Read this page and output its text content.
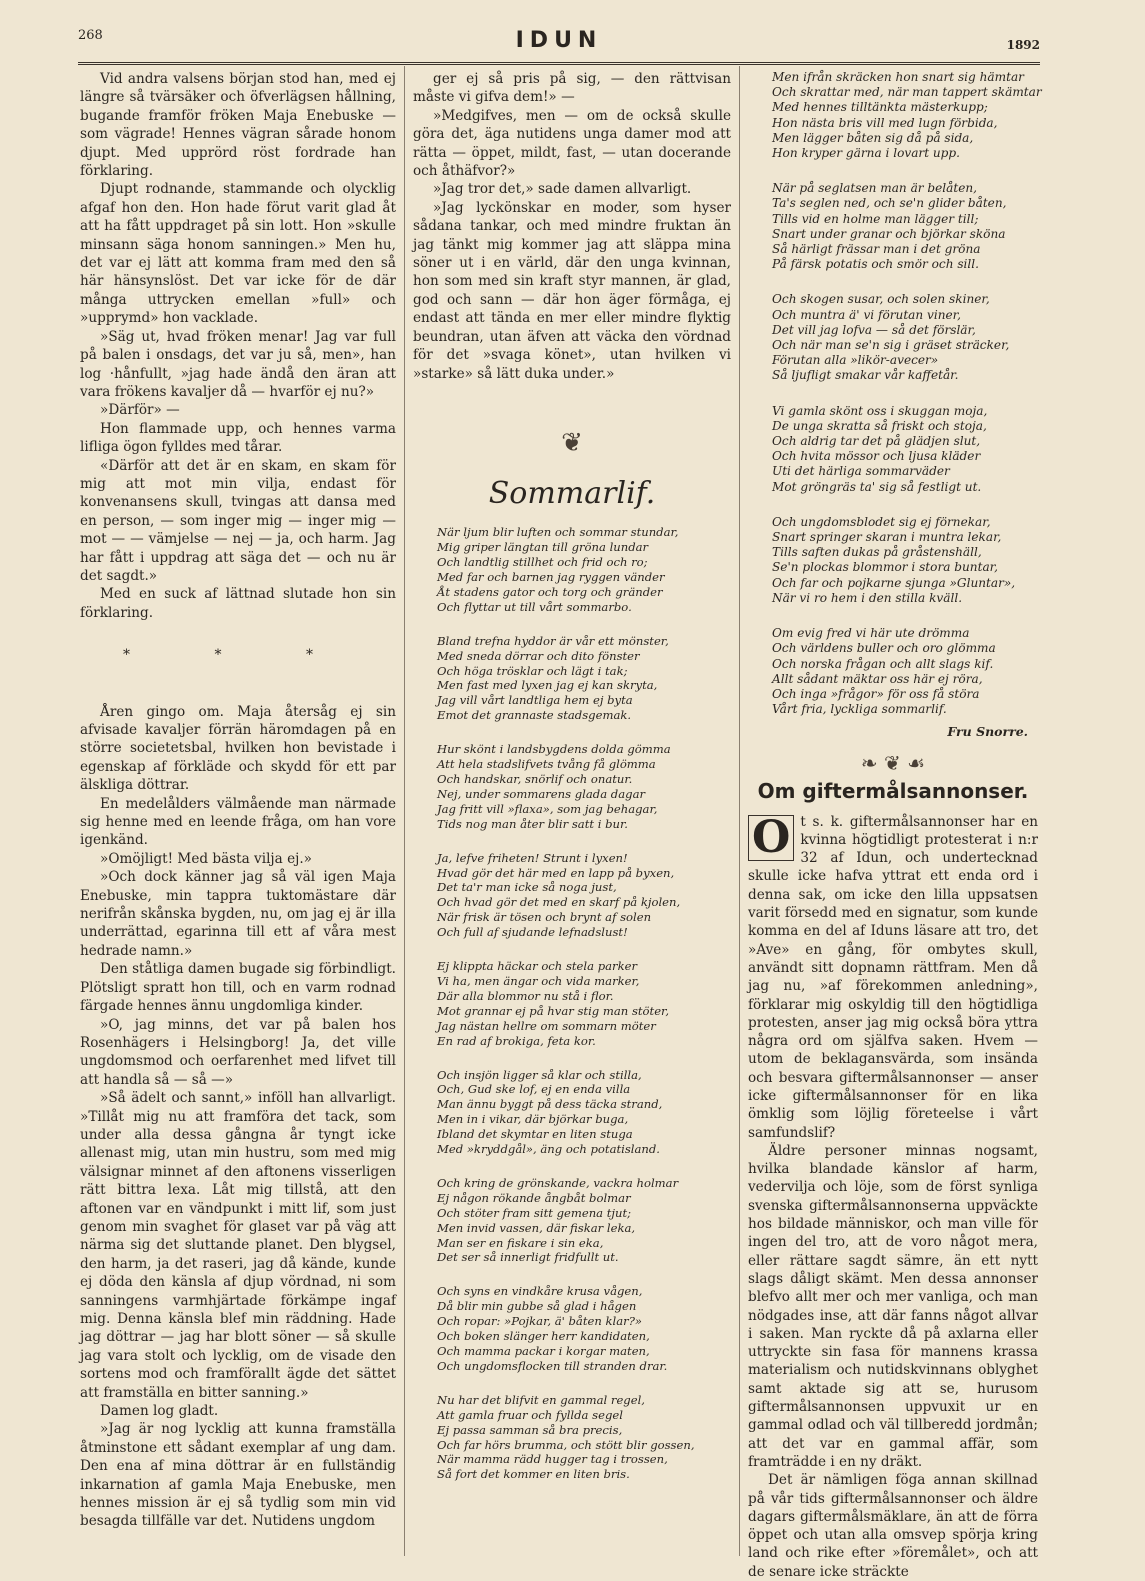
268	IDUN	1892

Vid andra valsens början stod han, med ej längre så tvärsäker och öfverlägsen hållning, bugande framför fröken Maja Enebuske — som vägrade! Hennes vägran sårade honom djupt. Med upprörd röst fordrade han förklaring.

Djupt rodnande, stammande och olycklig afgaf hon den. Hon hade förut varit glad åt att ha fått uppdraget på sin lott. Hon »skulle minsann säga honom sanningen.» Men hu, det var ej lätt att komma fram med den så här hänsynslöst. Det var icke för de där många uttrycken emellan »full» och »upprymd» hon vacklade.

»Säg ut, hvad fröken menar! Jag var full på balen i onsdags, det var ju så, men», han log ·hånfullt, »jag hade ändå den äran att vara frökens kavaljer då — hvarför ej nu?»

»Därför» —

Hon flammade upp, och hennes varma lifliga ögon fylldes med tårar.

«Därför att det är en skam, en skam för mig att mot min vilja, endast för konvenansens skull, tvingas att dansa med en person, — som inger mig — inger mig — mot — — vämjelse — nej — ja, och harm. Jag har fått i uppdrag att säga det — och nu är det sagdt.»

Med en suck af lättnad slutade hon sin förklaring.

* * *

Åren gingo om. Maja återsåg ej sin afvisade kavaljer förrän häromdagen på en större societetsbal, hvilken hon bevistade i egenskap af förkläde och skydd för ett par älskliga döttrar.

En medelålders välmående man närmade sig henne med en leende fråga, om han vore igenkänd.

»Omöjligt! Med bästa vilja ej.»

»Och dock känner jag så väl igen Maja Enebuske, min tappra tuktomästare där nerifrån skånska bygden, nu, om jag ej är illa underrättad, egarinna till ett af våra mest hedrade namn.»

Den ståtliga damen bugade sig förbindligt. Plötsligt spratt hon till, och en varm rodnad färgade hennes ännu ungdomliga kinder.

»O, jag minns, det var på balen hos Rosenhägers i Helsingborg! Ja, det ville ungdomsmod och oerfarenhet med lifvet till att handla så — så —»

»Så ädelt och sannt,» inföll han allvarligt. »Tillåt mig nu att framföra det tack, som under alla dessa gångna år tyngt icke allenast mig, utan min hustru, som med mig välsignar minnet af den aftonens visserligen rätt bittra lexa. Låt mig tillstå, att den aftonen var en vändpunkt i mitt lif, som just genom min svaghet för glaset var på väg att närma sig det sluttande planet. Den blygsel, den harm, ja det raseri, jag då kände, kunde ej döda den känsla af djup vördnad, ni som sanningens varmhjärtade förkämpe ingaf mig. Denna känsla blef min räddning. Hade jag döttrar — jag har blott söner — så skulle jag vara stolt och lycklig, om de visade den sortens mod och framförallt ägde det sättet att framställa en bitter sanning.»

Damen log gladt.

»Jag är nog lycklig att kunna framställa åtminstone ett sådant exemplar af ung dam. Den ena af mina döttrar är en fullständig inkarnation af gamla Maja Enebuske, men hennes mission är ej så tydlig som min vid besagda tillfälle var det. Nutidens ungdom

ger ej så pris på sig, — den rättvisan måste vi gifva dem!» —

»Medgifves, men — om de också skulle göra det, äga nutidens unga damer mod att rätta — öppet, mildt, fast, — utan docerande och åthäfvor?»

»Jag tror det,» sade damen allvarligt.

»Jag lyckönskar en moder, som hyser sådana tankar, och med mindre fruktan än jag tänkt mig kommer jag att släppa mina söner ut i en värld, där den unga kvinnan, hon som med sin kraft styr mannen, är glad, god och sann — där hon äger förmåga, ej endast att tända en mer eller mindre flyktig beundran, utan äfven att väcka den vördnad för det »svaga könet», utan hvilken vi »starke» så lätt duka under.»

❦
Sommarlif.
När ljum blir luften och sommar stundar,
Mig griper längtan till gröna lundar
Och landtlig stillhet och frid och ro;
Med far och barnen jag ryggen vänder
Åt stadens gator och torg och gränder
Och flyttar ut till vårt sommarbo.
Bland trefna hyddor är vår ett mönster,
Med sneda dörrar och dito fönster
Och höga trösklar och lägt i tak;
Men fast med lyxen jag ej kan skryta,
Jag vill vårt landtliga hem ej byta
Emot det grannaste stadsgemak.
Hur skönt i landsbygdens dolda gömma
Att hela stadslifvets tvång få glömma
Och handskar, snörlif och onatur.
Nej, under sommarens glada dagar
Jag fritt vill »flaxa», som jag behagar,
Tids nog man åter blir satt i bur.
Ja, lefve friheten! Strunt i lyxen!
Hvad gör det här med en lapp på byxen,
Det ta'r man icke så noga just,
Och hvad gör det med en skarf på kjolen,
När frisk är tösen och brynt af solen
Och full af sjudande lefnadslust!
Ej klippta häckar och stela parker
Vi ha, men ängar och vida marker,
Där alla blommor nu stå i flor.
Mot grannar ej på hvar stig man stöter,
Jag nästan hellre om sommarn möter
En rad af brokiga, feta kor.
Och insjön ligger så klar och stilla,
Och, Gud ske lof, ej en enda villa
Man ännu byggt på dess täcka strand,
Men in i vikar, där björkar buga,
Ibland det skymtar en liten stuga
Med »kryddgål», äng och potatisland.
Och kring de grönskande, vackra holmar
Ej någon rökande ångbåt bolmar
Och stöter fram sitt gemena tjut;
Men invid vassen, där fiskar leka,
Man ser en fiskare i sin eka,
Det ser så innerligt fridfullt ut.
Och syns en vindkåre krusa vågen,
Då blir min gubbe så glad i hågen
Och ropar: »Pojkar, ä' båten klar?»
Och boken slänger herr kandidaten,
Och mamma packar i korgar maten,
Och ungdomsflocken till stranden drar.
Nu har det blifvit en gammal regel,
Att gamla fruar och fyllda segel
Ej passa samman så bra precis,
Och far hörs brumma, och stött blir gossen,
När mamma rädd hugger tag i trossen,
Så fort det kommer en liten bris.
Men ifrån skräcken hon snart sig hämtar
Och skrattar med, när man tappert skämtar
Med hennes tilltänkta mästerkupp;
Hon nästa bris vill med lugn förbida,
Men lägger båten sig då på sida,
Hon kryper gärna i lovart upp.
När på seglatsen man är belåten,
Ta's seglen ned, och se'n glider båten,
Tills vid en holme man lägger till;
Snart under granar och björkar sköna
Så härligt frässar man i det gröna
På färsk potatis och smör och sill.
Och skogen susar, och solen skiner,
Och muntra ä' vi förutan viner,
Det vill jag lofva — så det förslär,
Och när man se'n sig i gräset sträcker,
Förutan alla »likör-avecer»
Så ljufligt smakar vår kaffetår.
Vi gamla skönt oss i skuggan moja,
De unga skratta så friskt och stoja,
Och aldrig tar det på glädjen slut,
Och hvita mössor och ljusa kläder
Uti det härliga sommarväder
Mot gröngräs ta' sig så festligt ut.
Och ungdomsblodet sig ej förnekar,
Snart springer skaran i muntra lekar,
Tills saften dukas på gråstenshäll,
Se'n plockas blommor i stora buntar,
Och far och pojkarne sjunga »Gluntar»,
När vi ro hem i den stilla kväll.
Om evig fred vi här ute drömma
Och världens buller och oro glömma
Och norska frågan och allt slags kif.
Allt sådant mäktar oss här ej röra,
Och inga »frågor» för oss få störa
Vårt fria, lyckliga sommarlif.
Fru Snorre.
❧ ❦ ☙
Om giftermålsannonser.

O t s. k. giftermålsannonser har en kvinna högtidligt protesterat i n:r 32 af Idun, och undertecknad skulle icke hafva yttrat ett enda ord i denna sak, om icke den lilla uppsatsen varit försedd med en signatur, som kunde komma en del af Iduns läsare att tro, det »Ave» en gång, för ombytes skull, användt sitt dopnamn rättfram. Men då jag nu, »af förekommen anledning», förklarar mig oskyldig till den högtidliga protesten, anser jag mig också böra yttra några ord om själfva saken. Hvem — utom de beklagansvärda, som insända och besvara giftermålsannonser — anser icke giftermålsannonser för en lika ömklig som löjlig företeelse i vårt samfundslif?

Äldre personer minnas nogsamt, hvilka blandade känslor af harm, vedervilja och löje, som de först synliga svenska giftermålsannonserna uppväckte hos bildade människor, och man ville för ingen del tro, att de voro något mera, eller rättare sagdt sämre, än ett nytt slags dåligt skämt. Men dessa annonser blefvo allt mer och mer vanliga, och man nödgades inse, att där fanns något allvar i saken. Man ryckte då på axlarna eller uttryckte sin fasa för mannens krassa materialism och nutidskvinnans oblyghet samt aktade sig att se, hurusom giftermålsannonsen uppvuxit ur en gammal odlad och väl tillberedd jordmån; att det var en gammal affär, som framträdde i en ny dräkt.

Det är nämligen föga annan skillnad på vår tids giftermålsannonser och äldre dagars giftermålsmäklare, än att de förra öppet och utan alla omsvep spörja kring land och rike efter »föremålet», och att de senare icke sträckte
